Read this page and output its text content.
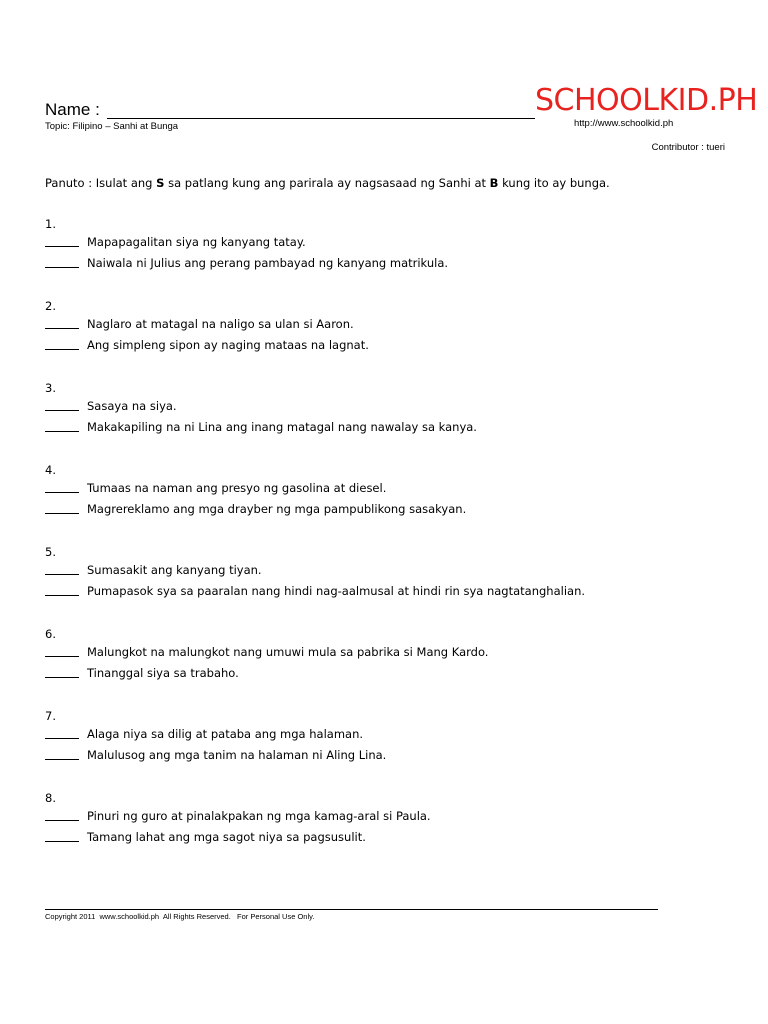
Name :
Topic: Filipino – Sanhi at Bunga
SCHOOLKID.PH
http://www.schoolkid.ph
Contributor : tueri
Panuto : Isulat ang S sa patlang kung ang parirala ay nagsasaad ng Sanhi at B kung ito ay bunga.
1.
Mapapagalitan siya ng kanyang tatay.
Naiwala ni Julius ang perang pambayad ng kanyang matrikula.
2.
Naglaro at matagal na naligo sa ulan si Aaron.
Ang simpleng sipon ay naging mataas na lagnat.
3.
Sasaya na siya.
Makakapiling na ni Lina ang inang matagal nang nawalay sa kanya.
4.
Tumaas na naman ang presyo ng gasolina at diesel.
Magrereklamo ang mga drayber ng mga pampublikong sasakyan.
5.
Sumasakit ang kanyang tiyan.
Pumapasok sya sa paaralan nang hindi nag-aalmusal at hindi rin sya nagtatanghalian.
6.
Malungkot na malungkot nang umuwi mula sa pabrika si Mang Kardo.
Tinanggal siya sa trabaho.
7.
Alaga niya sa dilig at pataba ang mga halaman.
Malulusog ang mga tanim na halaman ni Aling Lina.
8.
Pinuri ng guro at pinalakpakan ng mga kamag-aral si Paula.
Tamang lahat ang mga sagot niya sa pagsusulit.
Copyright 2011  www.schoolkid.ph  All Rights Reserved.   For Personal Use Only.
